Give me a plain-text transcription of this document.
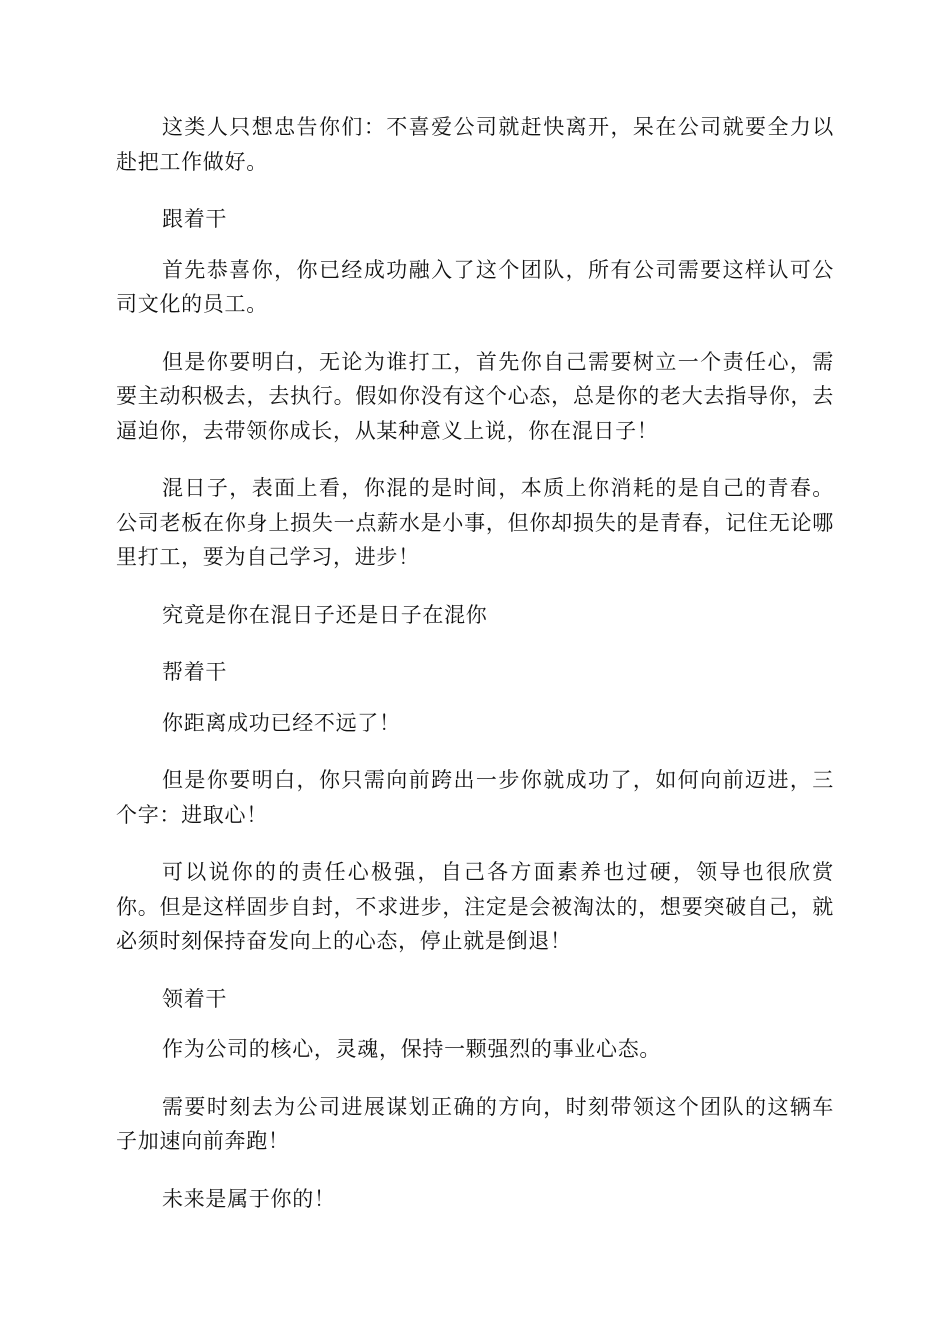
这类人只想忠告你们：不喜爱公司就赶快离开，呆在公司就要全力以赴把工作做好。

跟着干

首先恭喜你，你已经成功融入了这个团队，所有公司需要这样认可公司文化的员工。

但是你要明白，无论为谁打工，首先你自己需要树立一个责任心，需要主动积极去，去执行。假如你没有这个心态，总是你的老大去指导你，去逼迫你，去带领你成长，从某种意义上说，你在混日子！

混日子，表面上看，你混的是时间，本质上你消耗的是自己的青春。公司老板在你身上损失一点薪水是小事，但你却损失的是青春，记住无论哪里打工，要为自己学习，进步！

究竟是你在混日子还是日子在混你

帮着干

你距离成功已经不远了！

但是你要明白，你只需向前跨出一步你就成功了，如何向前迈进，三个字：进取心！

可以说你的的责任心极强，自己各方面素养也过硬，领导也很欣赏你。但是这样固步自封，不求进步，注定是会被淘汰的，想要突破自己，就必须时刻保持奋发向上的心态，停止就是倒退！

领着干

作为公司的核心，灵魂，保持一颗强烈的事业心态。

需要时刻去为公司进展谋划正确的方向，时刻带领这个团队的这辆车子加速向前奔跑！

未来是属于你的！
